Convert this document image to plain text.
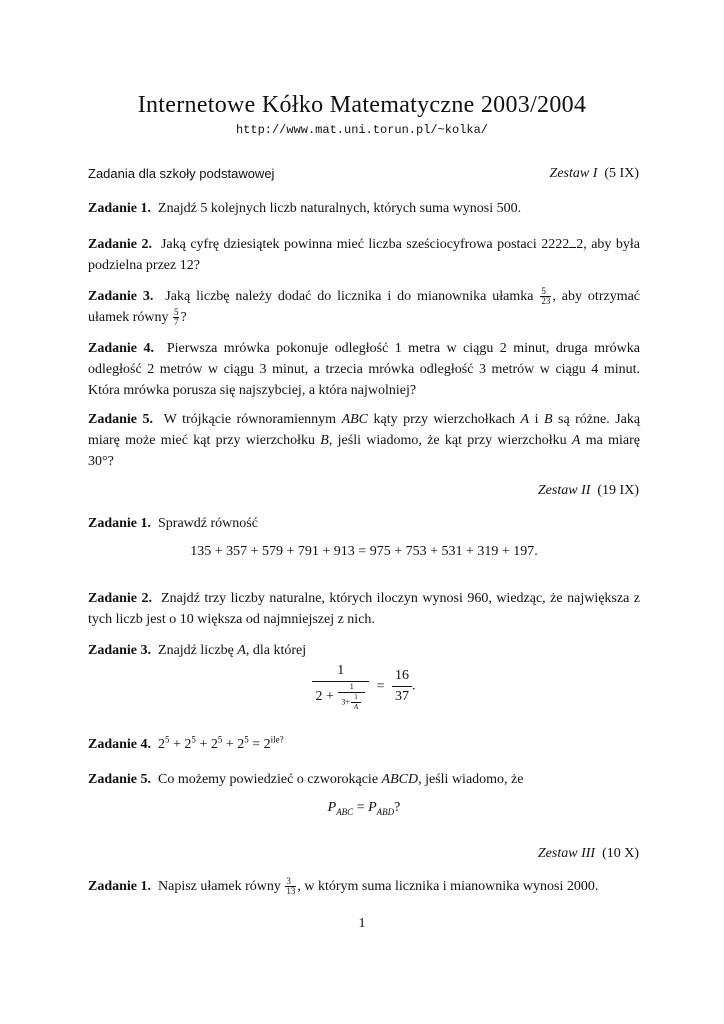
Internetowe Kółko Matematyczne 2003/2004
http://www.mat.uni.torun.pl/~kolka/
Zadania dla szkoły podstawowej	Zestaw I (5 IX)
Zadanie 1. Znajdź 5 kolejnych liczb naturalnych, których suma wynosi 500.
Zadanie 2. Jaką cyfrę dziesiątek powinna mieć liczba sześciocyfrowa postaci 2222 2, aby była podzielna przez 12?
Zadanie 3. Jaką liczbę należy dodać do licznika i do mianownika ułamka $\frac{5}{23}$ , aby otrzymać ułamek równy $\frac{5}{7}$ ?
Zadanie 4. Pierwsza mrówka pokonuje odległość 1 metra w ciągu 2 minut, druga mrówka odległość 2 metrów w ciągu 3 minut, a trzecia mrówka odległość 3 metrów w ciągu 4 minut. Która mrówka porusza się najszybciej, a która najwolniej?
Zadanie 5. W trójkącie równoramiennym ABC kąty przy wierzchołkach A i B są różne. Jaką miarę może mieć kąt przy wierzchołku B, jeśli wiadomo, że kąt przy wierzchołku A ma miarę 30°?
Zestaw II (19 IX)
Zadanie 1. Sprawdź równość
135 + 357 + 579 + 791 + 913 = 975 + 753 + 531 + 319 + 197.
Zadanie 2. Znajdź trzy liczby naturalne, których iloczyn wynosi 960, wiedząc, że największa z tych liczb jest o 10 większa od najmniejszej z nich.
Zadanie 3. Znajdź liczbę A, dla której
$\frac{1}{2 + \frac{1}{3+ \frac{1}{A}}} = \frac{16}{37}$ .
Zadanie 4. $2^5 + 2^5 + 2^5 + 2^5 = 2^{ile?}$
Zadanie 5. Co możemy powiedzieć o czworokącie ABCD, jeśli wiadomo, że
$P_{ABC} = P_{ABD}$?
Zestaw III (10 X)
Zadanie 1. Napisz ułamek równy $\frac{3}{13}$ , w którym suma licznika i mianownika wynosi 2000.
1
